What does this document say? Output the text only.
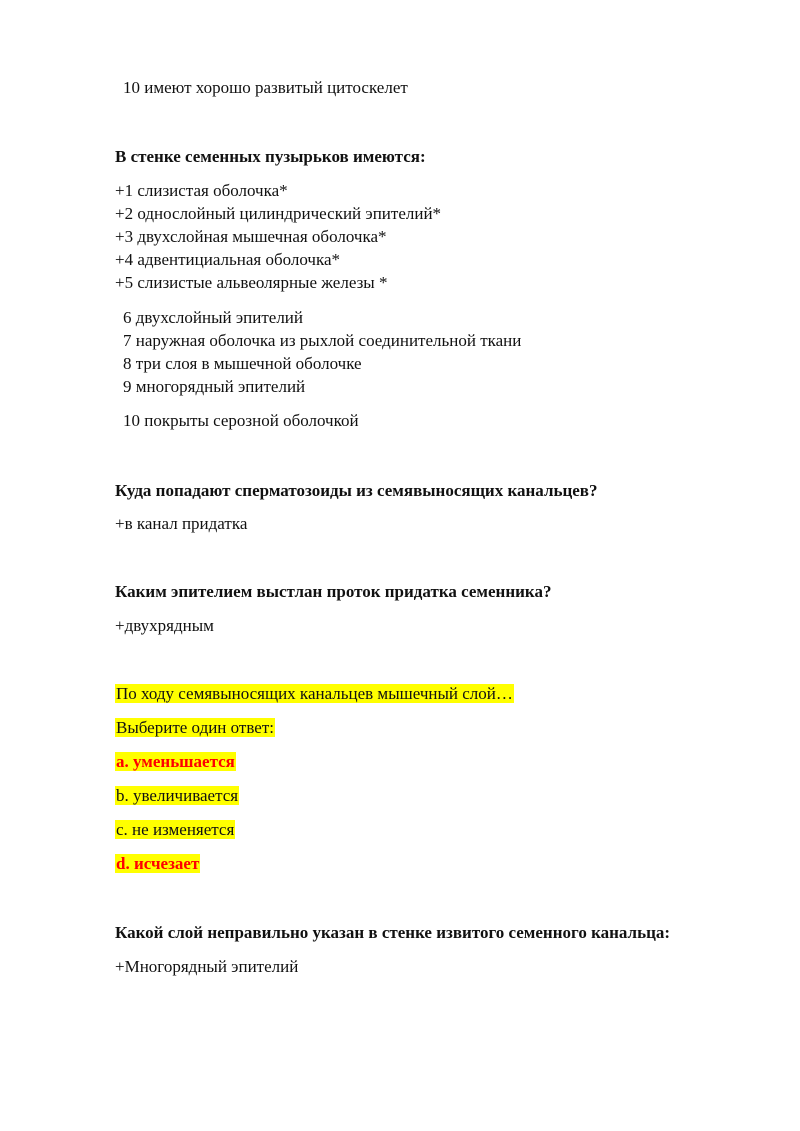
10 имеют хорошо развитый цитоскелет
В стенке семенных пузырьков имеются:
+1 слизистая оболочка*
+2 однослойный цилиндрический эпителий*
+3 двухслойная мышечная оболочка*
+4 адвентициальная оболочка*
+5 слизистые альвеолярные железы *
6 двухслойный эпителий
7 наружная оболочка из рыхлой соединительной ткани
8 три слоя в мышечной оболочке
9 многорядный эпителий
10 покрыты серозной оболочкой
Куда попадают сперматозоиды из семявыносящих канальцев?
+в канал придатка
Каким эпителием выстлан проток придатка семенника?
+двухрядным
По ходу семявыносящих канальцев мышечный слой…
Выберите один ответ:
a. уменьшается
b. увеличивается
c. не изменяется
d. исчезает
Какой слой неправильно указан в стенке извитого семенного канальца:
+Многорядный эпителий
